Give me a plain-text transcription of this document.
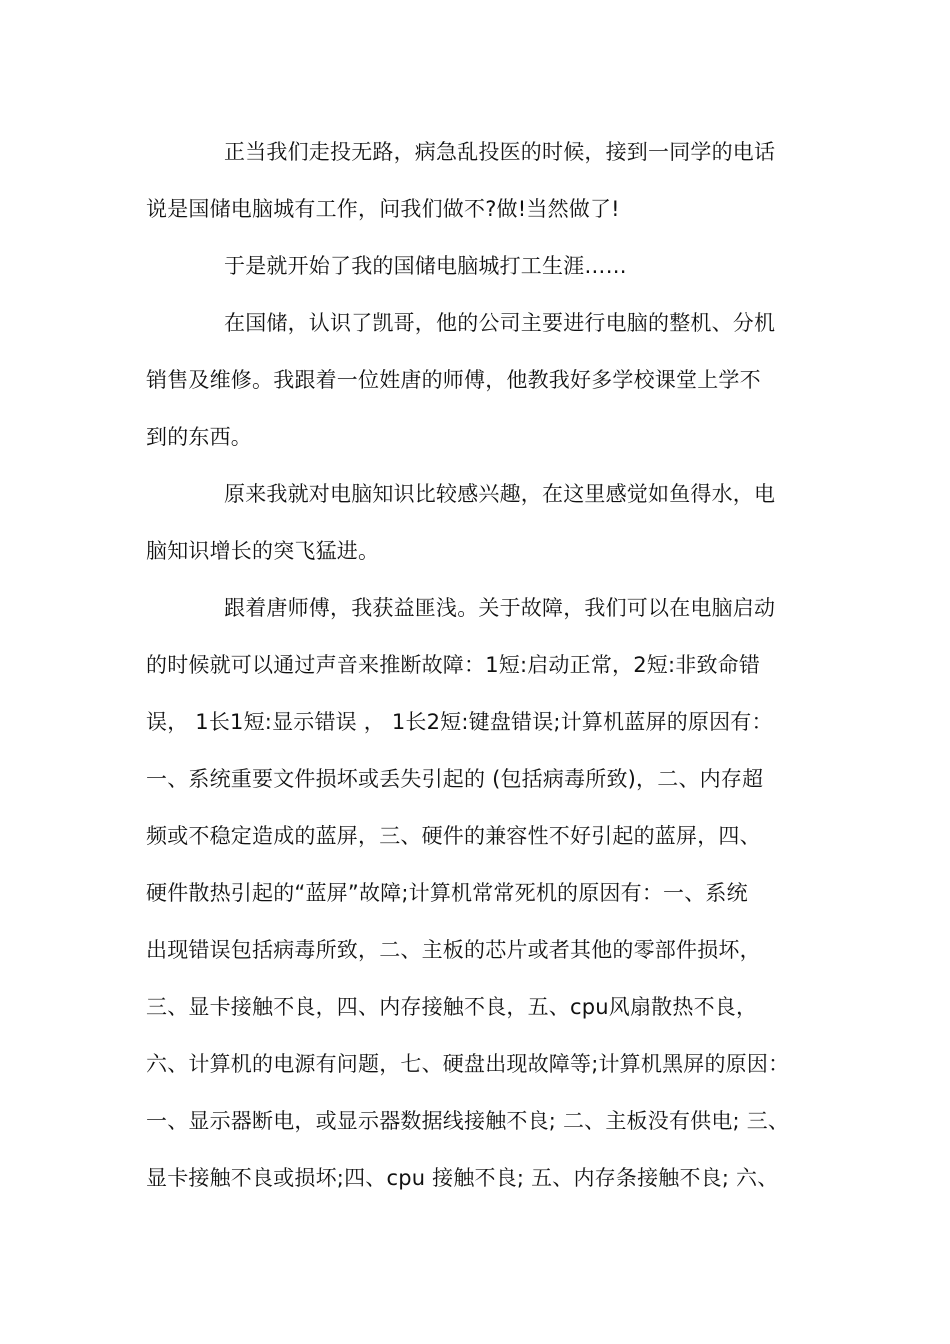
正当我们走投无路，病急乱投医的时候，接到一同学的电话
说是国储电脑城有工作，问我们做不?做!当然做了!
于是就开始了我的国储电脑城打工生涯……
在国储，认识了凯哥，他的公司主要进行电脑的整机、分机
销售及维修。我跟着一位姓唐的师傅，他教我好多学校课堂上学不
到的东西。
原来我就对电脑知识比较感兴趣，在这里感觉如鱼得水，电
脑知识增长的突飞猛进。
跟着唐师傅，我获益匪浅。关于故障，我们可以在电脑启动
的时候就可以通过声音来推断故障：1短:启动正常，2短:非致命错
误， 1长1短:显示错误 ， 1长2短:键盘错误;计算机蓝屏的原因有：
一、系统重要文件损坏或丢失引起的 (包括病毒所致)，二、内存超
频或不稳定造成的蓝屏，三、硬件的兼容性不好引起的蓝屏，四、
硬件散热引起的“蓝屏”故障;计算机常常死机的原因有：一、系统
出现错误包括病毒所致，二、主板的芯片或者其他的零部件损坏，
三、显卡接触不良，四、内存接触不良，五、cpu风扇散热不良，
六、计算机的电源有问题，七、硬盘出现故障等;计算机黑屏的原因：
一、显示器断电，或显示器数据线接触不良; 二、主板没有供电; 三、
显卡接触不良或损坏;四、cpu 接触不良; 五、内存条接触不良; 六、
